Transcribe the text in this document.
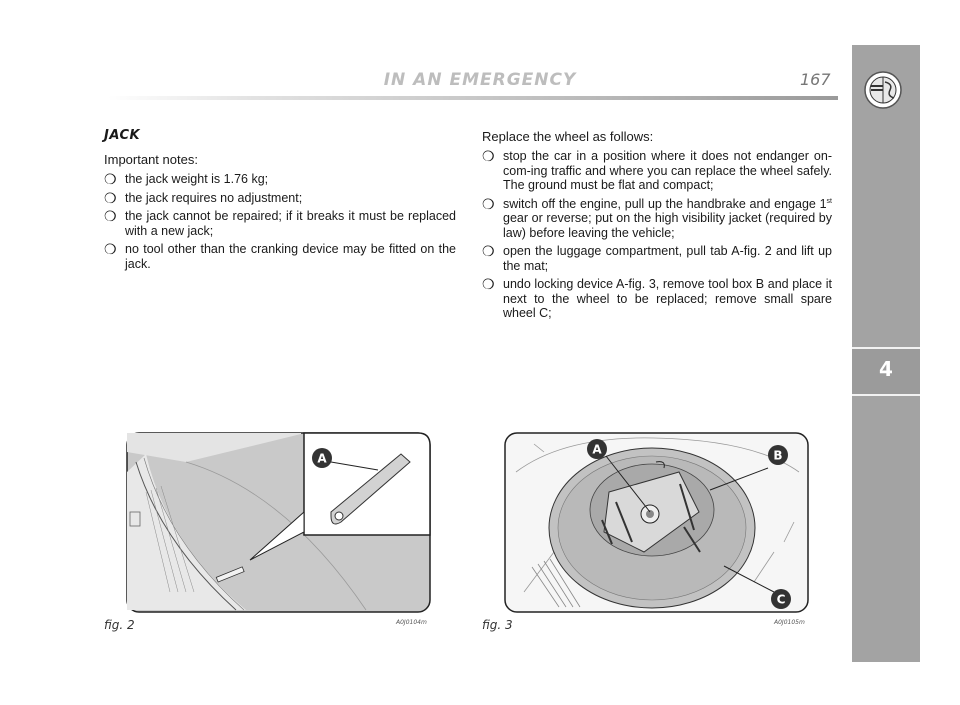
IN AN EMERGENCY	167
4
JACK
Important notes:
❍ the jack weight is 1.76 kg;
❍ the jack requires no adjustment;
❍ the jack cannot be repaired; if it breaks it must be replaced with a new jack;
❍ no tool other than the cranking device may be fitted on the jack.
Replace the wheel as follows:
❍ stop the car in a position where it does not endanger on-com-ing traffic and where you can replace the wheel safely. The ground must be flat and compact;
❍ switch off the engine, pull up the handbrake and engage 1st gear or reverse; put on the high visibility jacket (required by law) before leaving the vehicle;
❍ open the luggage compartment, pull tab A-fig. 2 and lift up the mat;
❍ undo locking device A-fig. 3, remove tool box B and place it next to the wheel to be replaced; remove small spare wheel C;
A
fig. 2	A0J0104m
A	B
C
fig. 3	A0J0105m
